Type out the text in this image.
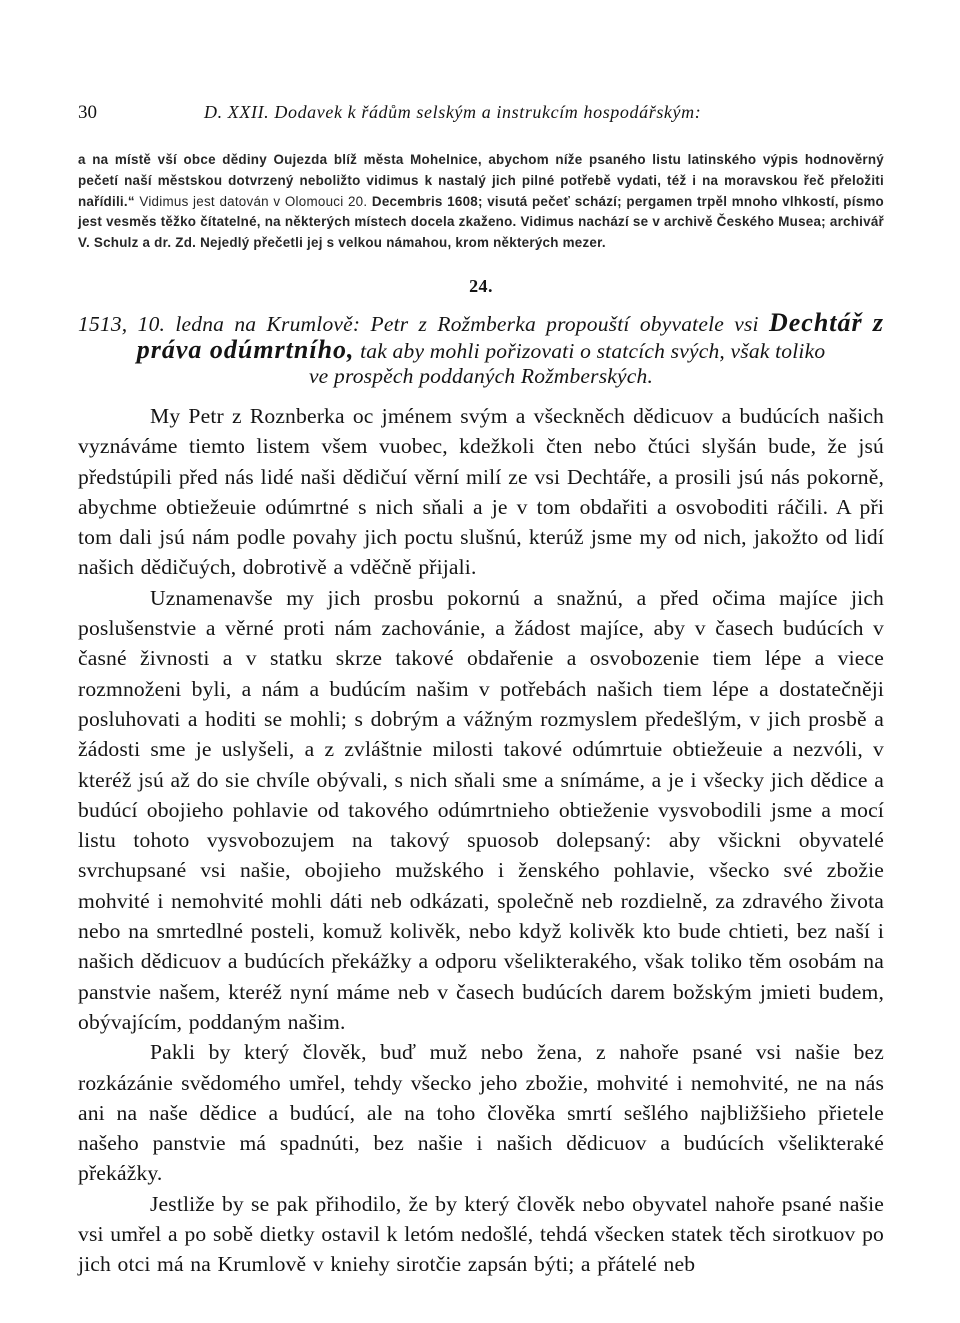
30	D. XXII. Dodavek k řádům selským a instrukcím hospodářským:
a na místě vší obce dědiny Oujezda blíž města Mohelnice, abychom níže psaného listu latinského výpis hodnověrný pečetí naší městskou dotvrzený neboližto vidimus k nastalý jich pilné potřebě vydati, též i na moravskou řeč přeložiti nařídili.“ Vidimus jest datován v Olomouci 20. Decembris 1608; visutá pečeť schází; pergamen trpěl mnoho vlhkostí, písmo jest vesměs těžko čítatelné, na některých místech docela zkaženo. Vidimus nachází se v archivě Českého Musea; archivář V. Schulz a dr. Zd. Nejedlý přečetli jej s velkou námahou, krom některých mezer.
24.
1513, 10. ledna na Krumlově: Petr z Rožmberka propouští obyvatele vsi Dechtář z práva odúmrtního, tak aby mohli pořizovati o statcích svých, však toliko
ve prospěch poddaných Rožmberských.

My Petr z Roznberka oc jménem svým a všeckněch dědicuov a budúcích našich vyznáváme tiemto listem všem vuobec, kdežkoli čten nebo čtúci slyšán bude, že jsú předstúpili před nás lidé naši dědičuí věrní milí ze vsi Dechtáře, a prosili jsú nás pokorně, abychme obtiežeuie odúmrtné s nich sňali a je v tom obdařiti a osvoboditi ráčili. A při tom dali jsú nám podle povahy jich poctu slušnú, kterúž jsme my od nich, jakožto od lidí našich dědičuých, dobrotivě a vděčně přijali.

Uznamenavše my jich prosbu pokornú a snažnú, a před očima majíce jich poslušenstvie a věrné proti nám zachovánie, a žádost majíce, aby v časech budúcích v časné živnosti a v statku skrze takové obdařenie a osvobozenie tiem lépe a viece rozmnoženi byli, a nám a budúcím našim v potřebách našich tiem lépe a dostatečněji posluhovati a hoditi se mohli; s dobrým a vážným rozmyslem předešlým, v jich prosbě a žádosti sme je uslyšeli, a z zvláštnie milosti takové odúmrtuie obtiežeuie a nezvóli, v kteréž jsú až do sie chvíle obývali, s nich sňali sme a snímáme, a je i všecky jich dědice a budúcí obojieho pohlavie od takového odúmrtnieho obtieženie vysvobodili jsme a mocí listu tohoto vysvobozujem na takový spuosob dolepsaný: aby všickni obyvatelé svrchupsané vsi našie, obojieho mužského i ženského pohlavie, všecko své zbožie mohvité i nemohvité mohli dáti neb odkázati, společně neb rozdielně, za zdravého života nebo na smrtedlné posteli, komuž kolivěk, nebo když kolivěk kto bude chtieti, bez naší i našich dědicuov a budúcích překážky a odporu všelikterakého, však toliko těm osobám na panstvie našem, kteréž nyní máme neb v časech budúcích darem božským jmieti budem, obývajícím, poddaným našim.

Pakli by který člověk, buď muž nebo žena, z nahoře psané vsi našie bez rozkázánie svědomého umřel, tehdy všecko jeho zbožie, mohvité i nemohvité, ne na nás ani na naše dědice a budúcí, ale na toho člověka smrtí sešlého najbližšieho přietele našeho panstvie má spadnúti, bez našie i našich dědicuov a budúcích všelikteraké překážky.

Jestliže by se pak přihodilo, že by který člověk nebo obyvatel nahoře psané našie vsi umřel a po sobě dietky ostavil k letóm nedošlé, tehdá všecken statek těch sirotkuov po jich otci má na Krumlově v kniehy sirotčie zapsán býti; a přátelé neb
